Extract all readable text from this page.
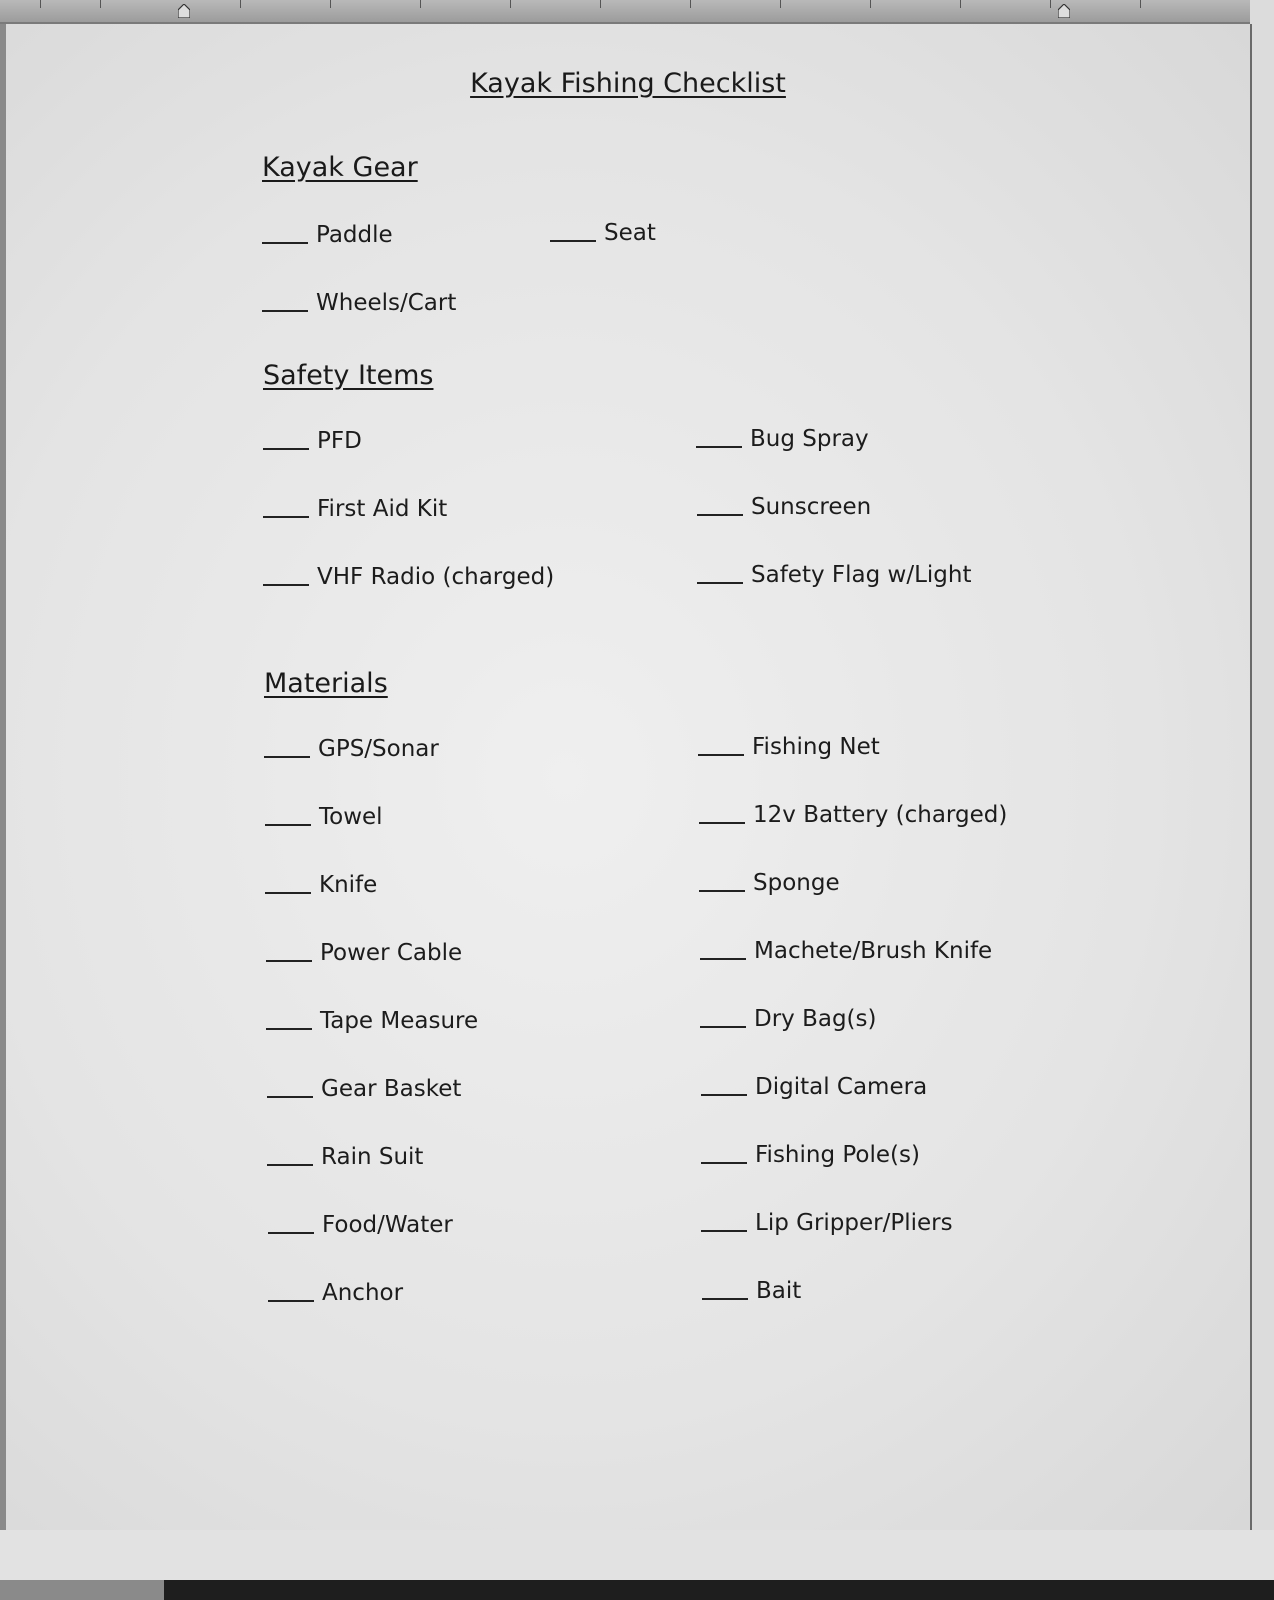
Kayak Fishing Checklist
Kayak Gear
Paddle	Seat
Wheels/Cart
Safety Items
PFD	Bug Spray
First Aid Kit	Sunscreen
VHF Radio (charged)	Safety Flag w/Light
Materials
GPS/Sonar	Fishing Net
Towel	12v Battery (charged)
Knife	Sponge
Power Cable	Machete/Brush Knife
Tape Measure	Dry Bag(s)
Gear Basket	Digital Camera
Rain Suit	Fishing Pole(s)
Food/Water	Lip Gripper/Pliers
Anchor	Bait
